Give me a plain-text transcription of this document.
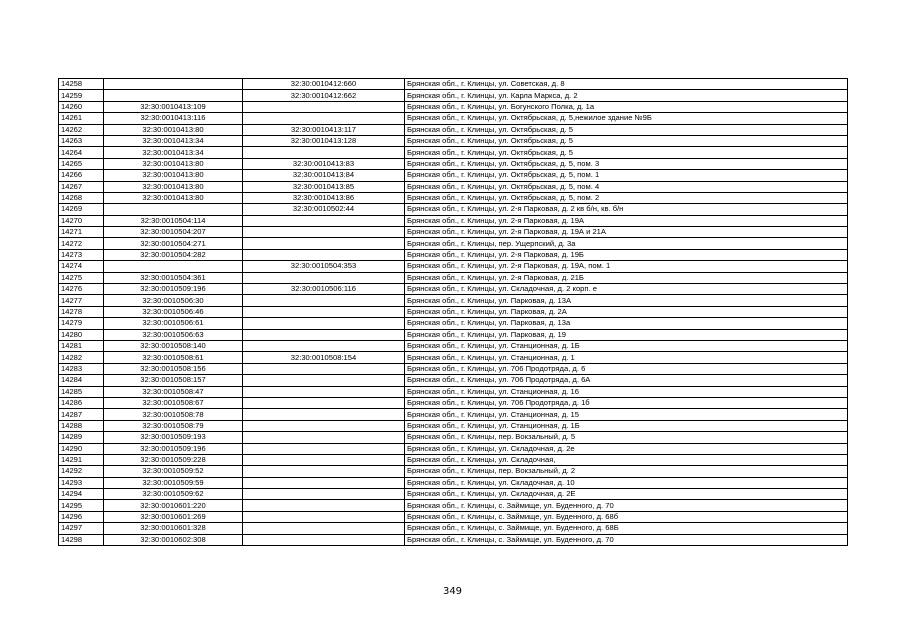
14258		32:30:0010412:660	Брянская обл., г. Клинцы, ул. Советская, д. 8
14259		32:30:0010412:662	Брянская обл., г. Клинцы, ул. Карла Маркса, д. 2
14260	32:30:0010413:109		Брянская обл., г. Клинцы, ул. Богунского Полка, д. 1а
14261	32:30:0010413:116		Брянская обл., г. Клинцы, ул. Октябрьская, д. 5,нежилое здание №9Б
14262	32:30:0010413:80	32:30:0010413:117	Брянская обл., г. Клинцы, ул. Октябрьская, д. 5
14263	32:30:0010413:34	32:30:0010413:128	Брянская обл., г. Клинцы, ул. Октябрьская, д. 5
14264	32:30:0010413:34		Брянская обл., г. Клинцы, ул. Октябрьская, д. 5
14265	32:30:0010413:80	32:30:0010413:83	Брянская обл., г. Клинцы, ул. Октябрьская, д. 5, пом. 3
14266	32:30:0010413:80	32:30:0010413:84	Брянская обл., г. Клинцы, ул. Октябрьская, д. 5, пом. 1
14267	32:30:0010413:80	32:30:0010413:85	Брянская обл., г. Клинцы, ул. Октябрьская, д. 5, пом. 4
14268	32:30:0010413:80	32:30:0010413:86	Брянская обл., г. Клинцы, ул. Октябрьская, д. 5, пом. 2
14269		32:30:0010502:44	Брянская обл., г. Клинцы, ул. 2-я Парковая, д. 2 кв б/н, кв. б/н
14270	32:30:0010504:114		Брянская обл., г. Клинцы, ул. 2-я Парковая, д. 19А
14271	32:30:0010504:207		Брянская обл., г. Клинцы, ул. 2-я Парковая, д. 19А и 21А
14272	32:30:0010504:271		Брянская обл., г. Клинцы, пер. Ущерпский, д. 3а
14273	32:30:0010504:282		Брянская обл., г. Клинцы, ул. 2-я Парковая, д. 19Б
14274		32:30:0010504:353	Брянская обл., г. Клинцы, ул. 2-я Парковая, д. 19А, пом. 1
14275	32:30:0010504:361		Брянская обл., г. Клинцы, ул. 2-я Парковая, д. 21Б
14276	32:30:0010509:196	32:30:0010506:116	Брянская обл., г. Клинцы, ул. Складочная, д. 2 корп. е
14277	32:30:0010506:30		Брянская обл., г. Клинцы, ул. Парковая, д. 13А
14278	32:30:0010506:46		Брянская обл., г. Клинцы, ул. Парковая, д. 2А
14279	32:30:0010506:61		Брянская обл., г. Клинцы, ул. Парковая, д. 13а
14280	32:30:0010506:63		Брянская обл., г. Клинцы, ул. Парковая, д. 19
14281	32:30:0010508:140		Брянская обл., г. Клинцы, ул. Станционная, д. 1Б
14282	32:30:0010508:61	32:30:0010508:154	Брянская обл., г. Клинцы, ул. Станционная, д. 1
14283	32:30:0010508:156		Брянская обл., г. Клинцы, ул. 706 Продотряда, д. 6
14284	32:30:0010508:157		Брянская обл., г. Клинцы, ул. 706 Продотряда, д. 6А
14285	32:30:0010508:47		Брянская обл., г. Клинцы, ул. Станционная, д. 16
14286	32:30:0010508:67		Брянская обл., г. Клинцы, ул. 706 Продотряда, д. 1б
14287	32:30:0010508:78		Брянская обл., г. Клинцы, ул. Станционная, д. 15
14288	32:30:0010508:79		Брянская обл., г. Клинцы, ул. Станционная, д. 1Б
14289	32:30:0010509:193		Брянская обл., г. Клинцы, пер. Вокзальный, д. 5
14290	32:30:0010509:196		Брянская обл., г. Клинцы, ул. Складочная, д. 2е
14291	32:30:0010509:228		Брянская обл., г. Клинцы, ул. Складочная,
14292	32:30:0010509:52		Брянская обл., г. Клинцы, пер. Вокзальный, д. 2
14293	32:30:0010509:59		Брянская обл., г. Клинцы, ул. Складочная, д. 10
14294	32:30:0010509:62		Брянская обл., г. Клинцы, ул. Складочная, д. 2Е
14295	32:30:0010601:220		Брянская обл., г. Клинцы, с. Займище, ул. Буденного, д. 70
14296	32:30:0010601:269		Брянская обл., г. Клинцы, с. Займище, ул. Буденного, д. 68б
14297	32:30:0010601:328		Брянская обл., г. Клинцы, с. Займище, ул. Буденного, д. 68Б
14298	32:30:0010602:308		Брянская обл., г. Клинцы, с. Займище, ул. Буденного, д. 70
349
